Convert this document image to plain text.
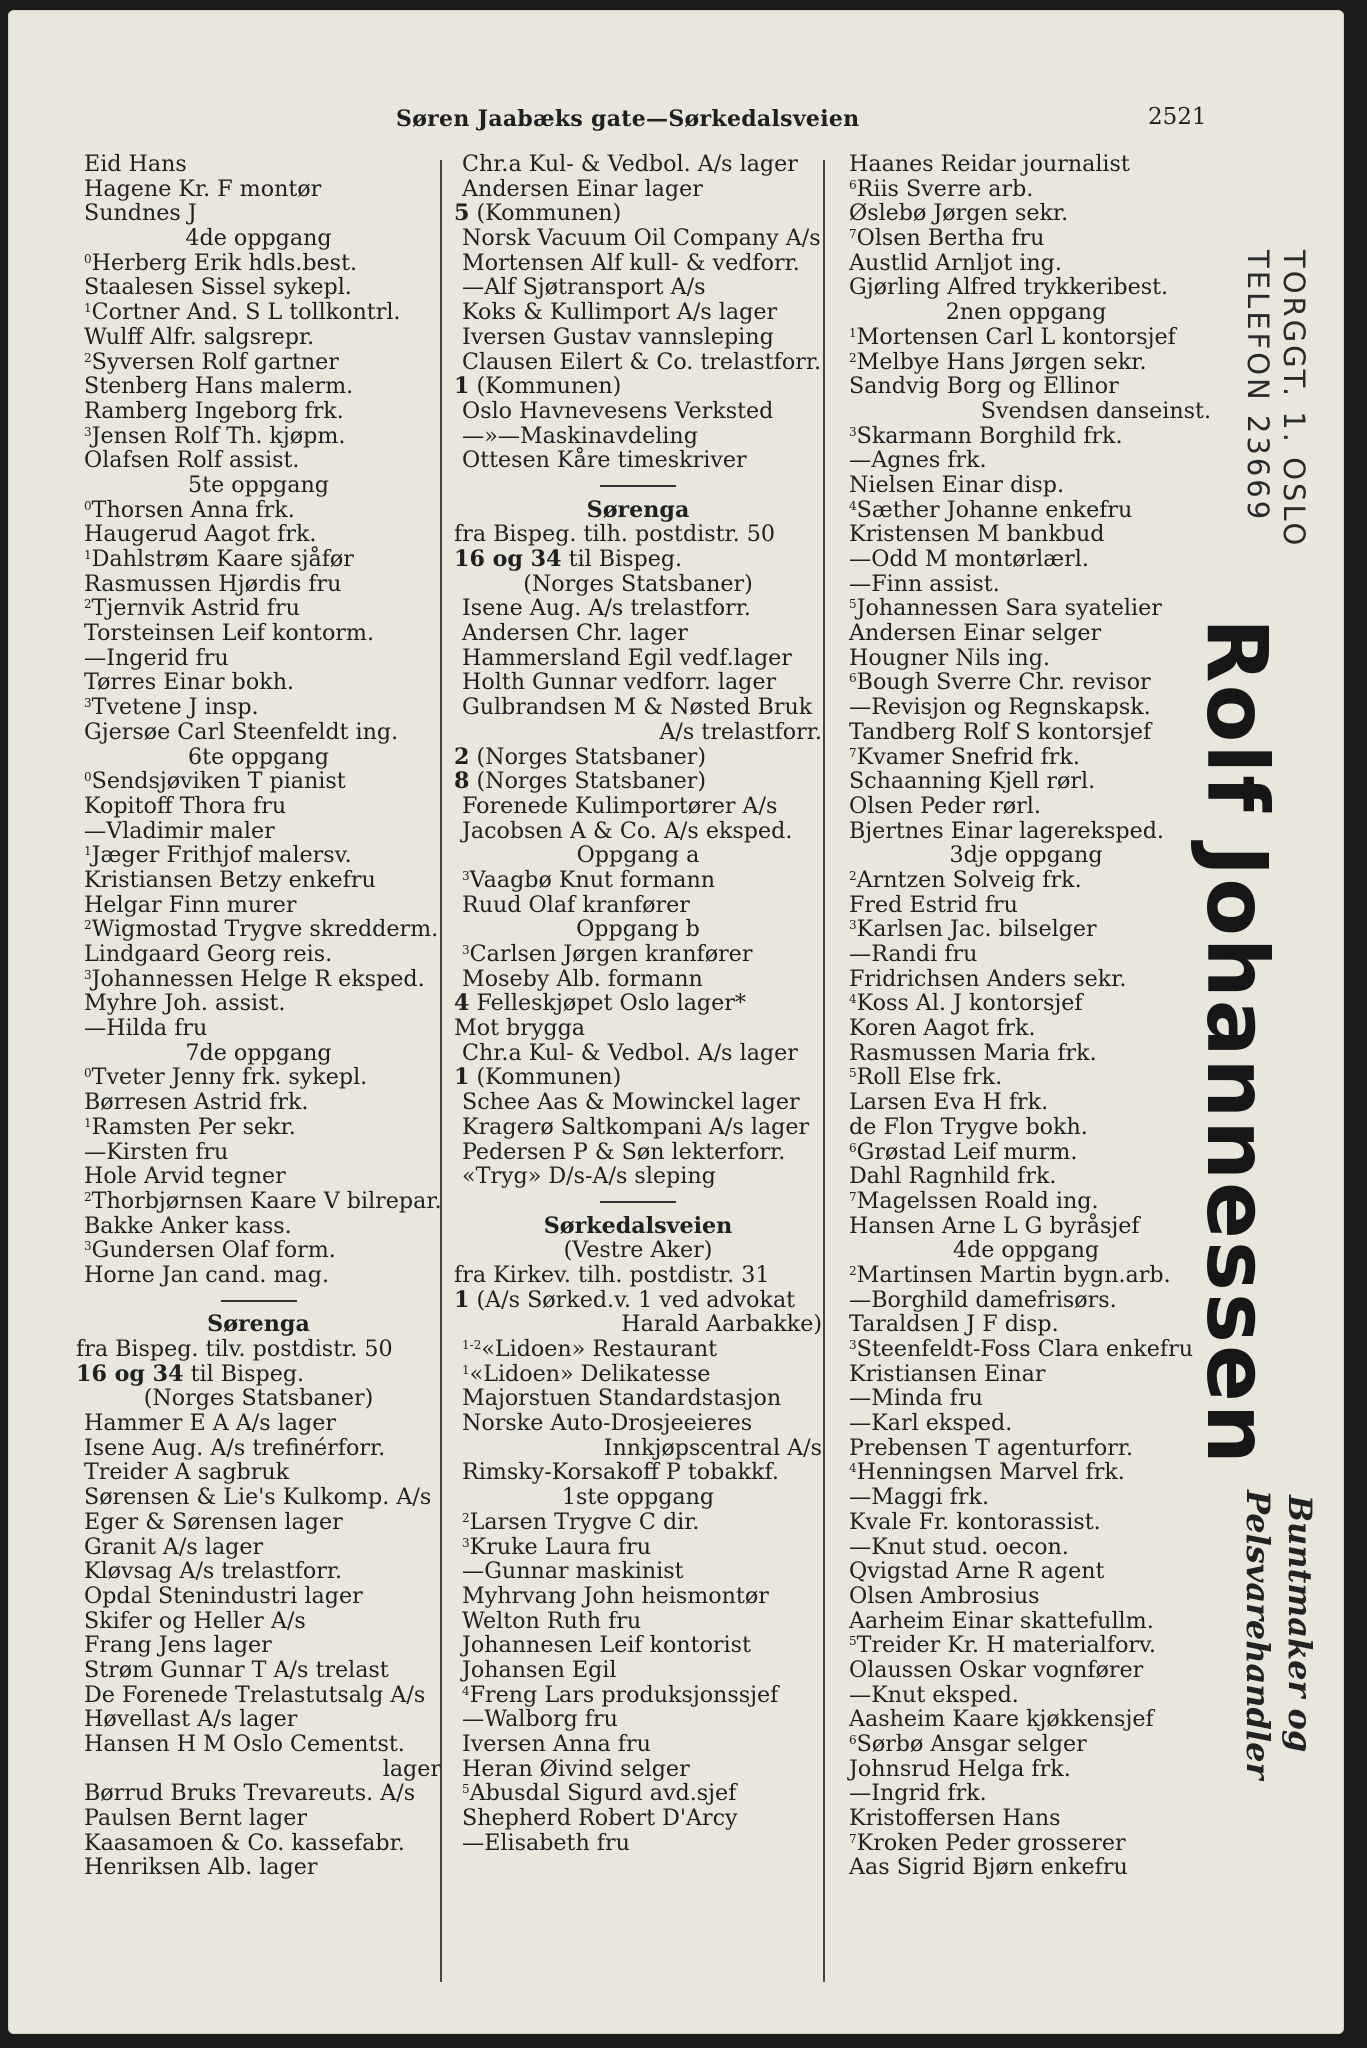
Søren Jaabæks gate—Sørkedalsveien	2521
Eid Hans
Hagene Kr. F montør
Sundnes J
4de oppgang
$^0$Herberg Erik hdls.best.
Staalesen Sissel sykepl.
$^1$Cortner And. S L tollkontrl.
Wulff Alfr. salgsrepr.
$^2$Syversen Rolf gartner
Stenberg Hans malerm.
Ramberg Ingeborg frk.
$^3$Jensen Rolf Th. kjøpm.
Olafsen Rolf assist.
5te oppgang
$^0$Thorsen Anna frk.
Haugerud Aagot frk.
$^1$Dahlstrøm Kaare sjåfør
Rasmussen Hjørdis fru
$^2$Tjernvik Astrid fru
Torsteinsen Leif kontorm.
—Ingerid fru
Tørres Einar bokh.
$^3$Tvetene J insp.
Gjersøe Carl Steenfeldt ing.
6te oppgang
$^0$Sendsjøviken T pianist
Kopitoff Thora fru
—Vladimir maler
$^1$Jæger Frithjof malersv.
Kristiansen Betzy enkefru
Helgar Finn murer
$^2$Wigmostad Trygve skredderm.
Lindgaard Georg reis.
$^3$Johannessen Helge R eksped.
Myhre Joh. assist.
—Hilda fru
7de oppgang
$^0$Tveter Jenny frk. sykepl.
Børresen Astrid frk.
$^1$Ramsten Per sekr.
—Kirsten fru
Hole Arvid tegner
$^2$Thorbjørnsen Kaare V bilrepar.
Bakke Anker kass.
$^3$Gundersen Olaf form.
Horne Jan cand. mag.
Sørenga
fra Bispeg. tilv. postdistr. 50
16 og 34 til Bispeg.
(Norges Statsbaner)
Hammer E A A/s lager
Isene Aug. A/s trefinérforr.
Treider A sagbruk
Sørensen & Lie's Kulkomp. A/s
Eger & Sørensen lager
Granit A/s lager
Kløvsag A/s trelastforr.
Opdal Stenindustri lager
Skifer og Heller A/s
Frang Jens lager
Strøm Gunnar T A/s trelast
De Forenede Trelastutsalg A/s
Høvellast A/s lager
Hansen H M Oslo Cementst.
lager
Børrud Bruks Trevareuts. A/s
Paulsen Bernt lager
Kaasamoen & Co. kassefabr.
Henriksen Alb. lager
Chr.a Kul- & Vedbol. A/s lager
Andersen Einar lager
5 (Kommunen)
Norsk Vacuum Oil Company A/s
Mortensen Alf kull- & vedforr.
—Alf Sjøtransport A/s
Koks & Kullimport A/s lager
Iversen Gustav vannsleping
Clausen Eilert & Co. trelastforr.
1 (Kommunen)
Oslo Havnevesens Verksted
—»—Maskinavdeling
Ottesen Kåre timeskriver
Sørenga
fra Bispeg. tilh. postdistr. 50
16 og 34 til Bispeg.
(Norges Statsbaner)
Isene Aug. A/s trelastforr.
Andersen Chr. lager
Hammersland Egil vedf.lager
Holth Gunnar vedforr. lager
Gulbrandsen M & Nøsted Bruk
A/s trelastforr.
2 (Norges Statsbaner)
8 (Norges Statsbaner)
Forenede Kulimportører A/s
Jacobsen A & Co. A/s eksped.
Oppgang a
$^3$Vaagbø Knut formann
Ruud Olaf kranfører
Oppgang b
$^3$Carlsen Jørgen kranfører
Moseby Alb. formann
4 Felleskjøpet Oslo lager*
Mot brygga
Chr.a Kul- & Vedbol. A/s lager
1 (Kommunen)
Schee Aas & Mowinckel lager
Kragerø Saltkompani A/s lager
Pedersen P & Søn lekterforr.
«Tryg» D/s-A/s sleping
Sørkedalsveien
(Vestre Aker)
fra Kirkev. tilh. postdistr. 31
1 (A/s Sørked.v. 1 ved advokat
Harald Aarbakke)
$^{1-2}$«Lidoen» Restaurant
$^1$«Lidoen» Delikatesse
Majorstuen Standardstasjon
Norske Auto-Drosjeeieres
Innkjøpscentral A/s
Rimsky-Korsakoff P tobakkf.
1ste oppgang
$^2$Larsen Trygve C dir.
$^3$Kruke Laura fru
—Gunnar maskinist
Myhrvang John heismontør
Welton Ruth fru
Johannesen Leif kontorist
Johansen Egil
$^4$Freng Lars produksjonssjef
—Walborg fru
Iversen Anna fru
Heran Øivind selger
$^5$Abusdal Sigurd avd.sjef
Shepherd Robert D'Arcy
—Elisabeth fru
Haanes Reidar journalist
$^6$Riis Sverre arb.
Øslebø Jørgen sekr.
$^7$Olsen Bertha fru
Austlid Arnljot ing.
Gjørling Alfred trykkeribest.
2nen oppgang
$^1$Mortensen Carl L kontorsjef
$^2$Melbye Hans Jørgen sekr.
Sandvig Borg og Ellinor
Svendsen danseinst.
$^3$Skarmann Borghild frk.
—Agnes frk.
Nielsen Einar disp.
$^4$Sæther Johanne enkefru
Kristensen M bankbud
—Odd M montørlærl.
—Finn assist.
$^5$Johannessen Sara syatelier
Andersen Einar selger
Hougner Nils ing.
$^6$Bough Sverre Chr. revisor
—Revisjon og Regnskapsk.
Tandberg Rolf S kontorsjef
$^7$Kvamer Snefrid frk.
Schaanning Kjell rørl.
Olsen Peder rørl.
Bjertnes Einar lagereksped.
3dje oppgang
$^2$Arntzen Solveig frk.
Fred Estrid fru
$^3$Karlsen Jac. bilselger
—Randi fru
Fridrichsen Anders sekr.
$^4$Koss Al. J kontorsjef
Koren Aagot frk.
Rasmussen Maria frk.
$^5$Roll Else frk.
Larsen Eva H frk.
de Flon Trygve bokh.
$^6$Grøstad Leif murm.
Dahl Ragnhild frk.
$^7$Magelssen Roald ing.
Hansen Arne L G byråsjef
4de oppgang
$^2$Martinsen Martin bygn.arb.
—Borghild damefrisørs.
Taraldsen J F disp.
$^3$Steenfeldt-Foss Clara enkefru
Kristiansen Einar
—Minda fru
—Karl eksped.
Prebensen T agenturforr.
$^4$Henningsen Marvel frk.
—Maggi frk.
Kvale Fr. kontorassist.
—Knut stud. oecon.
Qvigstad Arne R agent
Olsen Ambrosius
Aarheim Einar skattefullm.
$^5$Treider Kr. H materialforv.
Olaussen Oskar vognfører
—Knut eksped.
Aasheim Kaare kjøkkensjef
$^6$Sørbø Ansgar selger
Johnsrud Helga frk.
—Ingrid frk.
Kristoffersen Hans
$^7$Kroken Peder grosserer
Aas Sigrid Bjørn enkefru
TORGGT. 1. OSLO
TELEFON 23669
Rolf Johannessen
Buntmaker og
Pelsvarehandler
